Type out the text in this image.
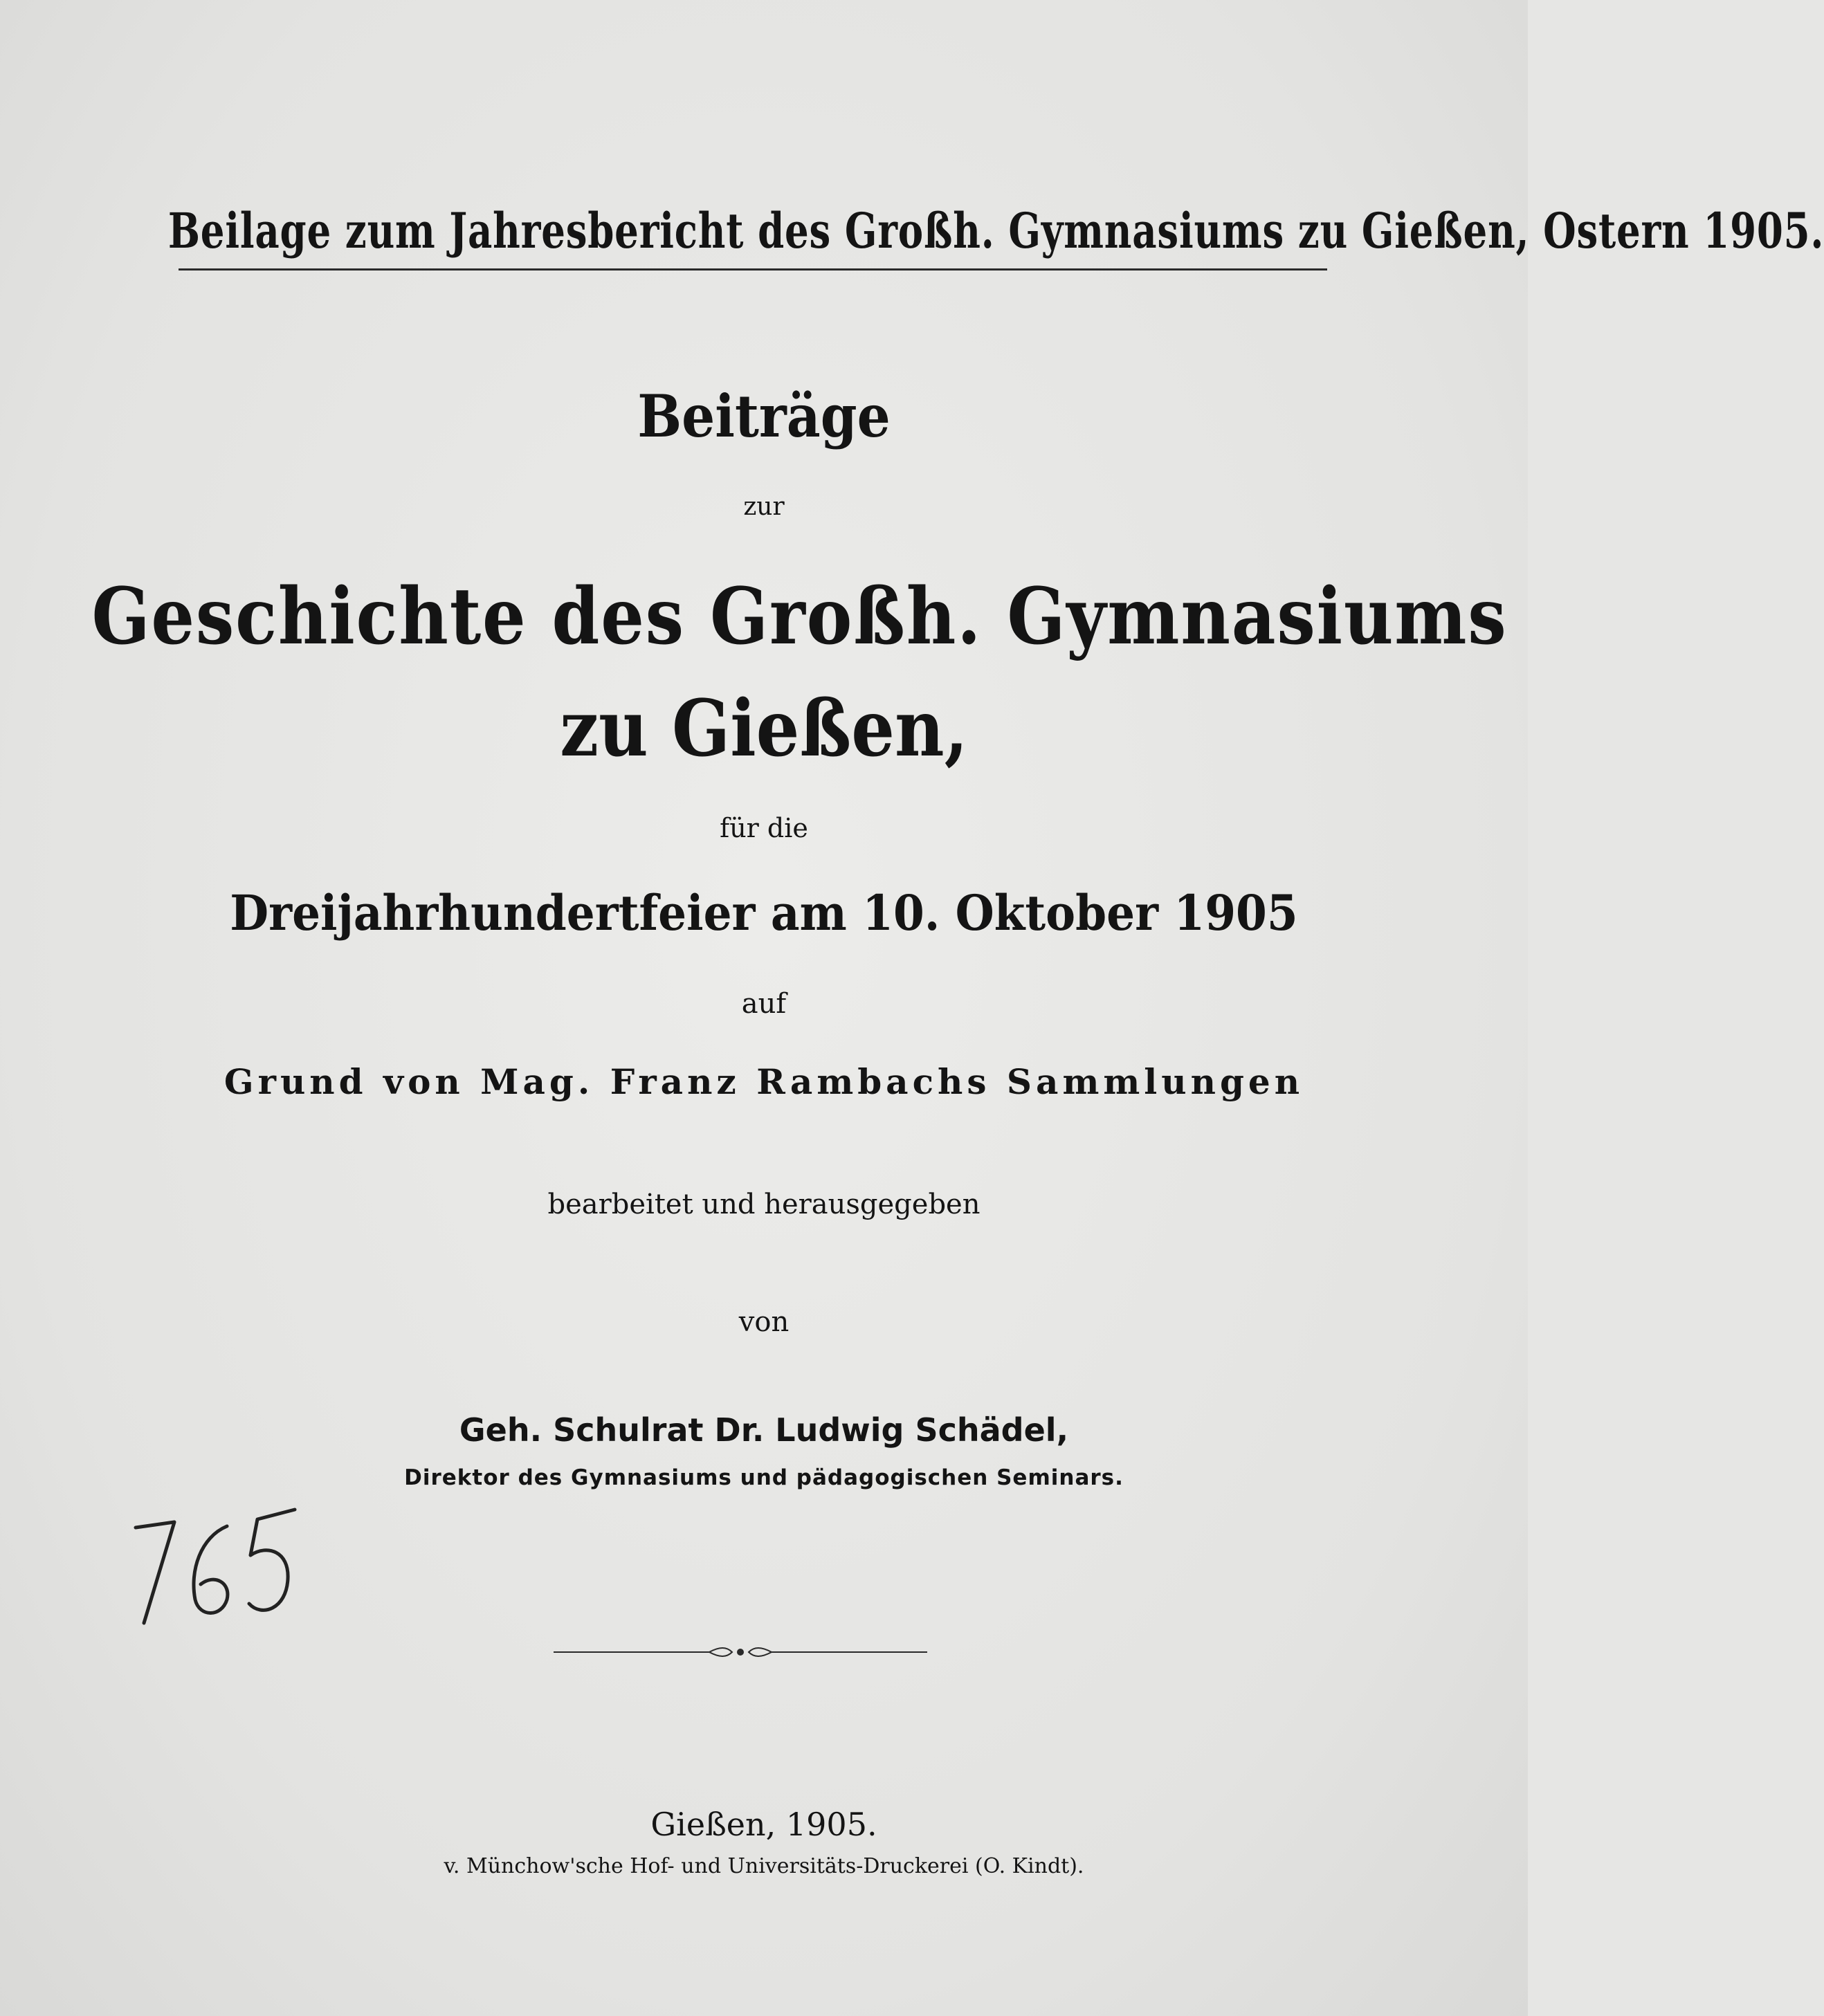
Beilage zum Jahresbericht des Großh. Gymnasiums zu Gießen, Ostern 1905.
Beiträge
zur
Geschichte des Großh. Gymnasiums
zu Gießen,
für die
Dreijahrhundertfeier am 10. Oktober 1905
auf
Grund von Mag. Franz Rambachs Sammlungen
bearbeitet und herausgegeben
von
Geh. Schulrat Dr. Ludwig Schädel,
Direktor des Gymnasiums und pädagogischen Seminars.
Gießen, 1905.
v. Münchow'sche Hof- und Universitäts-Druckerei (O. Kindt).
